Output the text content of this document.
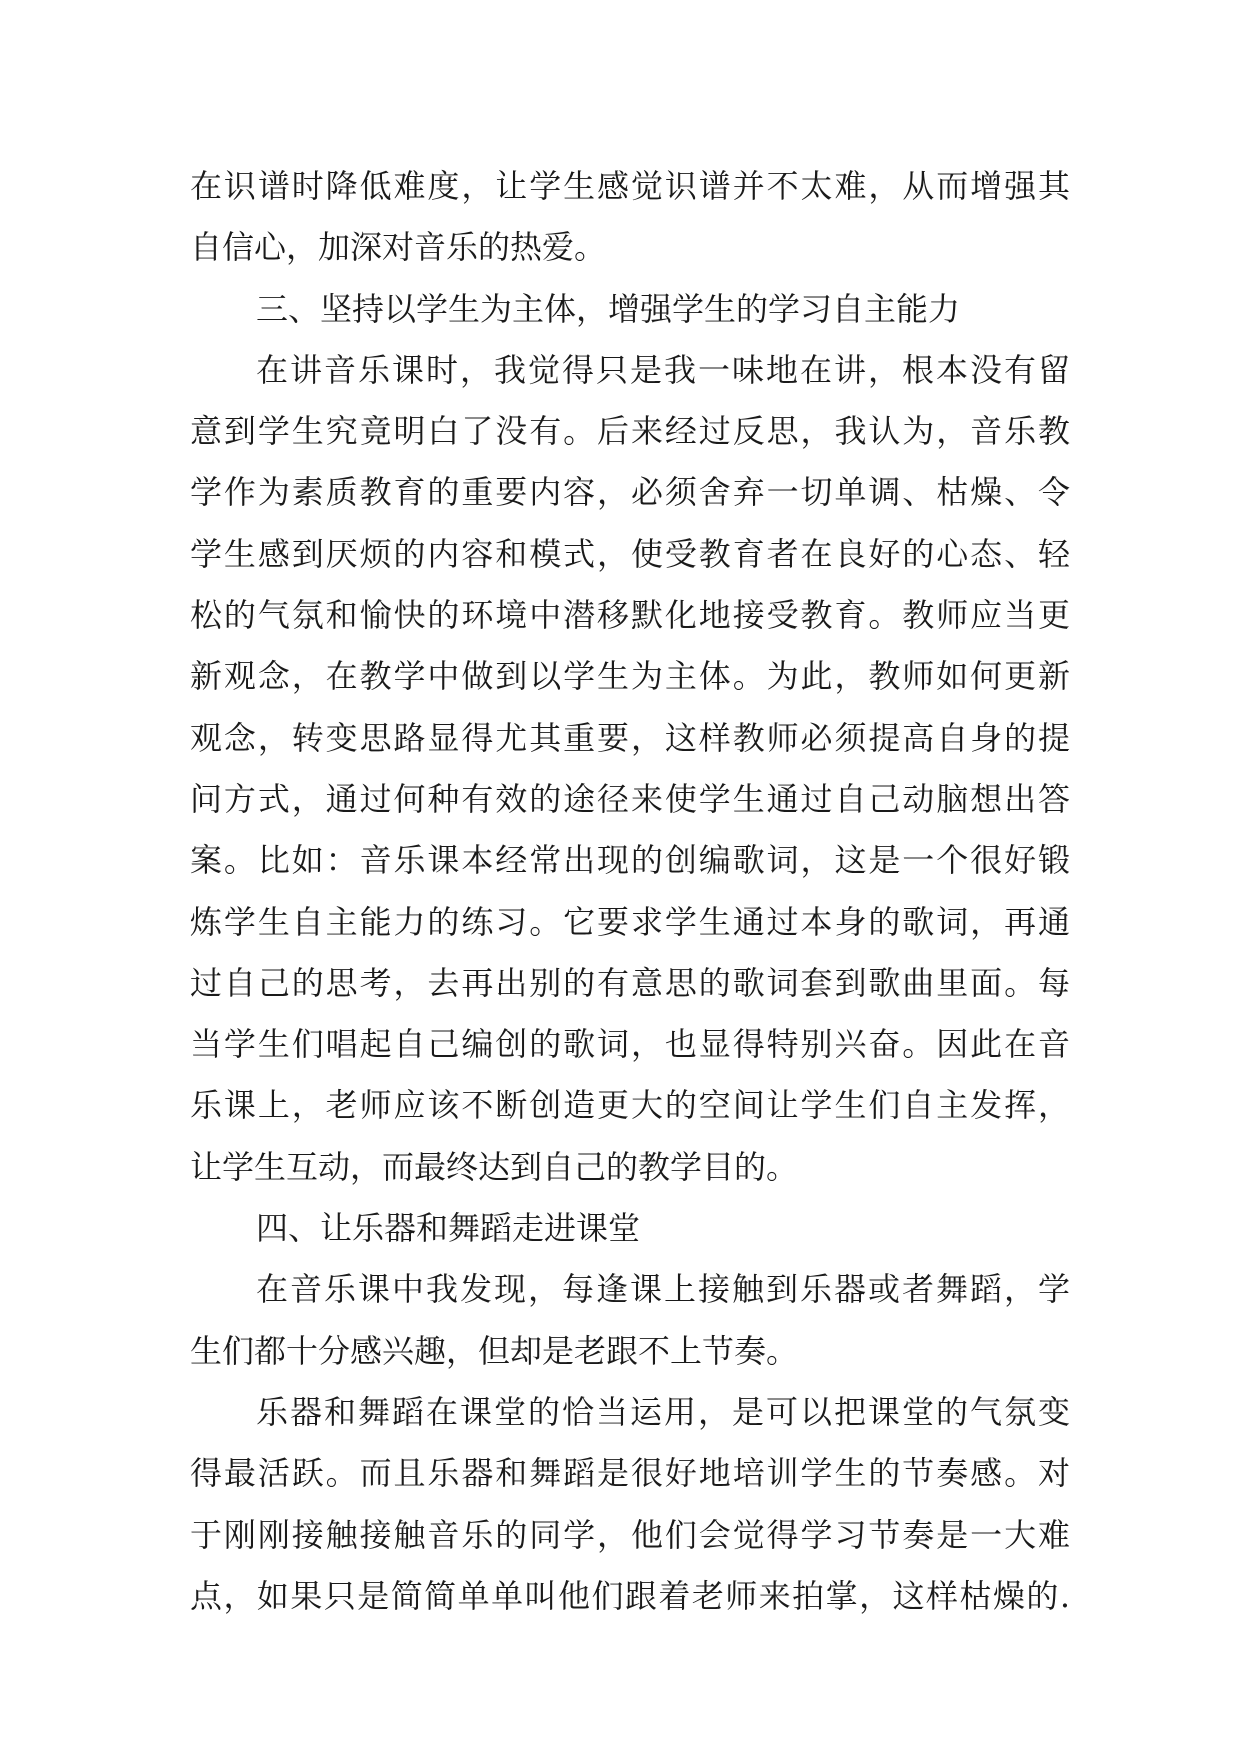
在识谱时降低难度，让学生感觉识谱并不太难，从而增强其
自信心，加深对音乐的热爱。
三、坚持以学生为主体，增强学生的学习自主能力
在讲音乐课时，我觉得只是我一味地在讲，根本没有留
意到学生究竟明白了没有。后来经过反思，我认为，音乐教
学作为素质教育的重要内容，必须舍弃一切单调、枯燥、令
学生感到厌烦的内容和模式，使受教育者在良好的心态、轻
松的气氛和愉快的环境中潜移默化地接受教育。教师应当更
新观念，在教学中做到以学生为主体。为此，教师如何更新
观念，转变思路显得尤其重要，这样教师必须提高自身的提
问方式，通过何种有效的途径来使学生通过自己动脑想出答
案。比如：音乐课本经常出现的创编歌词，这是一个很好锻
炼学生自主能力的练习。它要求学生通过本身的歌词，再通
过自己的思考，去再出别的有意思的歌词套到歌曲里面。每
当学生们唱起自己编创的歌词，也显得特别兴奋。因此在音
乐课上，老师应该不断创造更大的空间让学生们自主发挥，
让学生互动，而最终达到自己的教学目的。
四、让乐器和舞蹈走进课堂
在音乐课中我发现，每逢课上接触到乐器或者舞蹈，学
生们都十分感兴趣，但却是老跟不上节奏。
乐器和舞蹈在课堂的恰当运用，是可以把课堂的气氛变
得最活跃。而且乐器和舞蹈是很好地培训学生的节奏感。对
于刚刚接触接触音乐的同学，他们会觉得学习节奏是一大难
点，如果只是简简单单叫他们跟着老师来拍掌，这样枯燥的.
